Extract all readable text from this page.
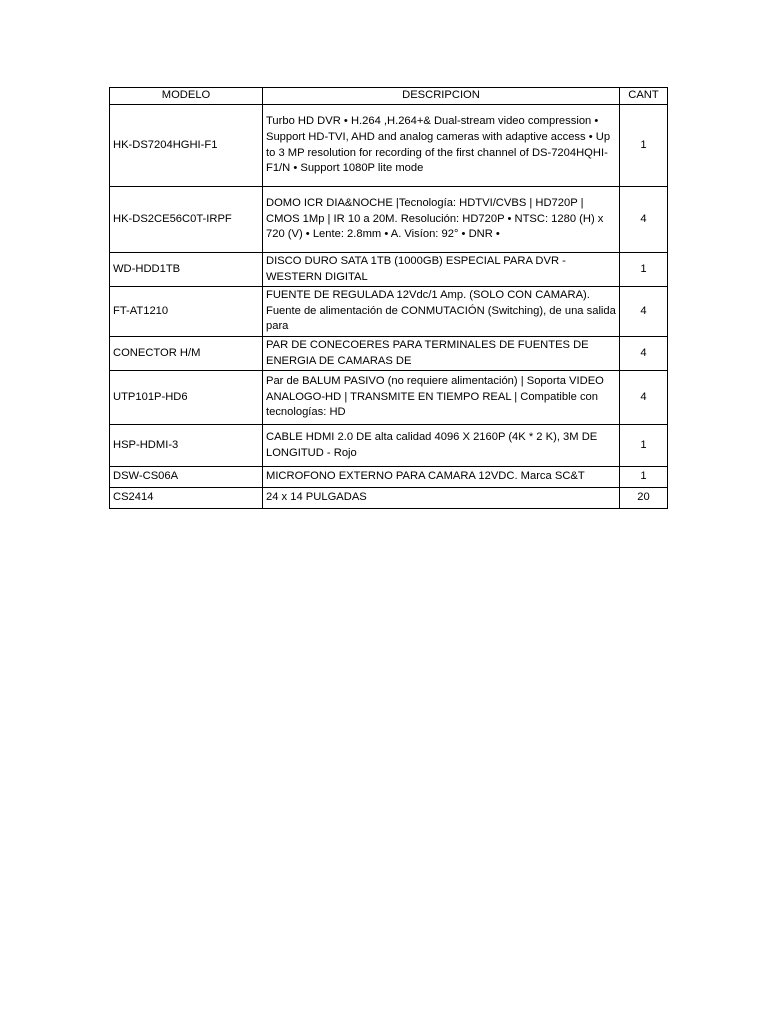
MODELO	DESCRIPCION	CANT
HK-DS7204HGHI-F1	Turbo HD DVR • H.264 ,H.264+& Dual-stream video compression • Support HD-TVI, AHD and analog cameras with adaptive access • Up to 3 MP resolution for recording of the first channel of DS-7204HQHI-F1/N • Support 1080P lite mode	1
HK-DS2CE56C0T-IRPF	DOMO ICR DIA&NOCHE |Tecnología: HDTVI/CVBS | HD720P | CMOS 1Mp | IR 10 a 20M. Resolución: HD720P • NTSC: 1280 (H) x 720 (V) • Lente: 2.8mm • A. Visíon: 92° • DNR •	4
WD-HDD1TB	DISCO DURO SATA 1TB (1000GB) ESPECIAL PARA DVR - WESTERN DIGITAL	1
FT-AT1210	FUENTE DE REGULADA 12Vdc/1 Amp. (SOLO CON CAMARA). Fuente de alimentación de CONMUTACIÓN (Switching), de una salida para	4
CONECTOR H/M	PAR DE CONECOERES PARA TERMINALES DE FUENTES DE ENERGIA DE CAMARAS DE	4
UTP101P-HD6	Par de BALUM PASIVO (no requiere alimentación) | Soporta VIDEO ANALOGO-HD | TRANSMITE EN TIEMPO REAL | Compatible con tecnologías: HD	4
HSP-HDMI-3	CABLE HDMI 2.0 DE alta calidad 4096 X 2160P (4K * 2 K), 3M DE LONGITUD - Rojo	1
DSW-CS06A	MICROFONO EXTERNO PARA CAMARA 12VDC. Marca SC&T	1
CS2414	24 x 14 PULGADAS	20
